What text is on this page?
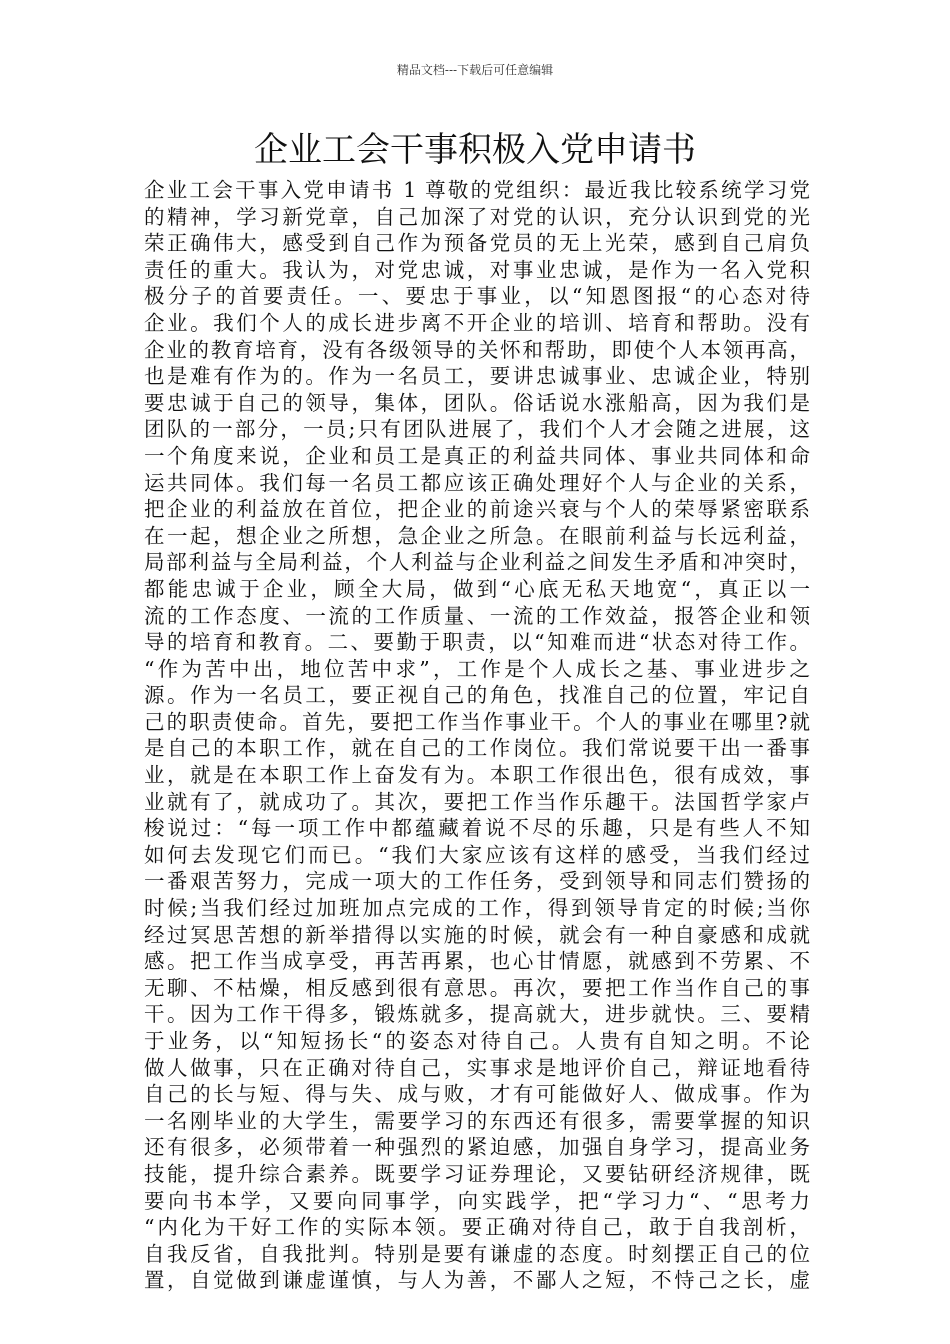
精品文档---下载后可任意编辑
企业工会干事积极入党申请书
企业工会干事入党申请书 1 尊敬的党组织：最近我比较系统学习党
的精神，学习新党章，自己加深了对党的认识，充分认识到党的光
荣正确伟大，感受到自己作为预备党员的无上光荣，感到自己肩负
责任的重大。我认为，对党忠诚，对事业忠诚，是作为一名入党积
极分子的首要责任。一、要忠于事业，以“知恩图报“的心态对待
企业。我们个人的成长进步离不开企业的培训、培育和帮助。没有
企业的教育培育，没有各级领导的关怀和帮助，即使个人本领再高，
也是难有作为的。作为一名员工，要讲忠诚事业、忠诚企业，特别
要忠诚于自己的领导，集体，团队。俗话说水涨船高，因为我们是
团队的一部分，一员;只有团队进展了，我们个人才会随之进展，这
一个角度来说，企业和员工是真正的利益共同体、事业共同体和命
运共同体。我们每一名员工都应该正确处理好个人与企业的关系，
把企业的利益放在首位，把企业的前途兴衰与个人的荣辱紧密联系
在一起，想企业之所想，急企业之所急。在眼前利益与长远利益，
局部利益与全局利益，个人利益与企业利益之间发生矛盾和冲突时，
都能忠诚于企业，顾全大局，做到“心底无私天地宽“，真正以一
流的工作态度、一流的工作质量、一流的工作效益，报答企业和领
导的培育和教育。二、要勤于职责，以“知难而进“状态对待工作。
“作为苦中出，地位苦中求”，工作是个人成长之基、事业进步之
源。作为一名员工，要正视自己的角色，找准自己的位置，牢记自
己的职责使命。首先，要把工作当作事业干。个人的事业在哪里?就
是自己的本职工作，就在自己的工作岗位。我们常说要干出一番事
业，就是在本职工作上奋发有为。本职工作很出色，很有成效，事
业就有了，就成功了。其次，要把工作当作乐趣干。法国哲学家卢
梭说过：“每一项工作中都蕴藏着说不尽的乐趣，只是有些人不知
如何去发现它们而已。“我们大家应该有这样的感受，当我们经过
一番艰苦努力，完成一项大的工作任务，受到领导和同志们赞扬的
时候;当我们经过加班加点完成的工作，得到领导肯定的时候;当你
经过冥思苦想的新举措得以实施的时候，就会有一种自豪感和成就
感。把工作当成享受，再苦再累，也心甘情愿，就感到不劳累、不
无聊、不枯燥，相反感到很有意思。再次，要把工作当作自己的事
干。因为工作干得多，锻炼就多，提高就大，进步就快。三、要精
于业务，以“知短扬长“的姿态对待自己。人贵有自知之明。不论
做人做事，只在正确对待自己，实事求是地评价自己，辩证地看待
自己的长与短、得与失、成与败，才有可能做好人、做成事。作为
一名刚毕业的大学生，需要学习的东西还有很多，需要掌握的知识
还有很多，必须带着一种强烈的紧迫感，加强自身学习，提高业务
技能，提升综合素养。既要学习证券理论，又要钻研经济规律，既
要向书本学，又要向同事学，向实践学，把“学习力“、“思考力
“内化为干好工作的实际本领。要正确对待自己，敢于自我剖析，
自我反省，自我批判。特别是要有谦虚的态度。时刻摆正自己的位
置，自觉做到谦虚谨慎，与人为善，不鄙人之短，不恃己之长，虚
